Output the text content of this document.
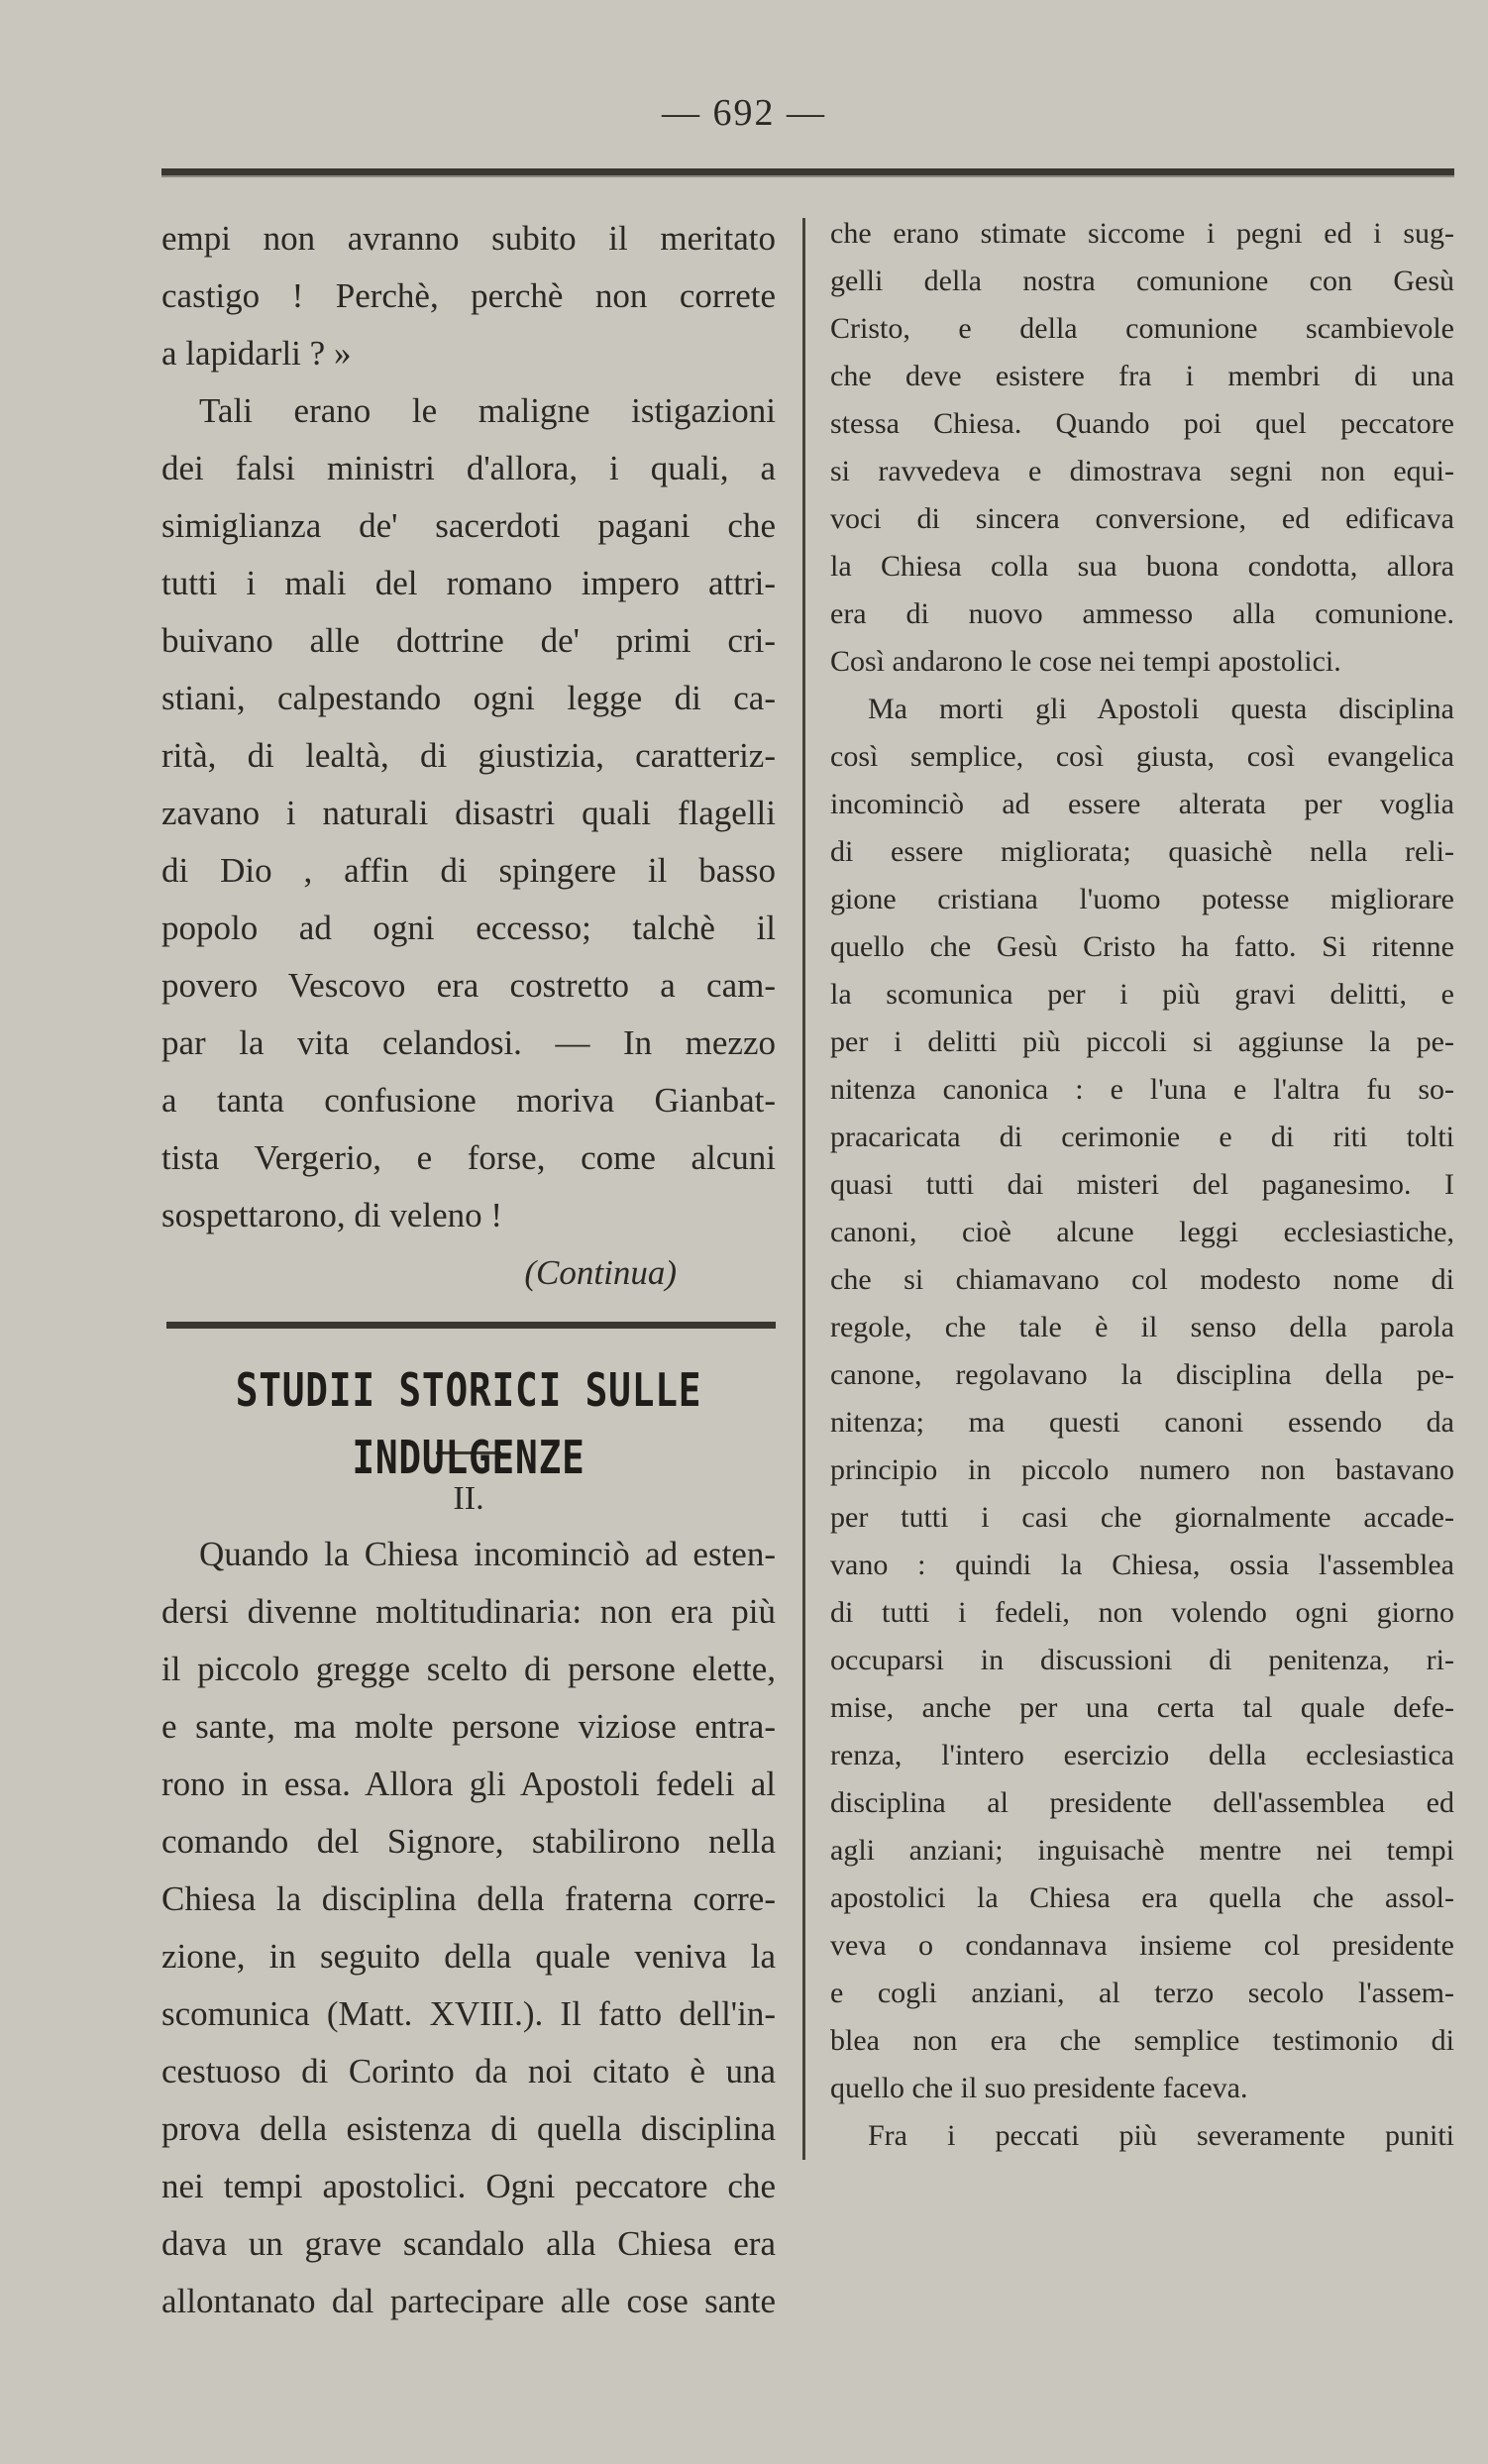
— 692 —
empi non avranno subito il meritato
castigo ! Perchè, perchè non correte
a lapidarli ? »
Tali erano le maligne istigazioni
dei falsi ministri d'allora, i quali, a
simiglianza de' sacerdoti pagani che
tutti i mali del romano impero attri-
buivano alle dottrine de' primi cri-
stiani, calpestando ogni legge di ca-
rità, di lealtà, di giustizia, caratteriz-
zavano i naturali disastri quali flagelli
di Dio , affin di spingere il basso
popolo ad ogni eccesso; talchè il
povero Vescovo era costretto a cam-
par la vita celandosi. — In mezzo
a tanta confusione moriva Gianbat-
tista Vergerio, e forse, come alcuni
sospettarono, di veleno !
(Continua)
STUDII STORICI SULLE INDULGENZE
II.
Quando la Chiesa incominciò ad esten-
dersi divenne moltitudinaria: non era più
il piccolo gregge scelto di persone elette,
e sante, ma molte persone viziose entra-
rono in essa. Allora gli Apostoli fedeli al
comando del Signore, stabilirono nella
Chiesa la disciplina della fraterna corre-
zione, in seguito della quale veniva la
scomunica (Matt. XVIII.). Il fatto dell'in-
cestuoso di Corinto da noi citato è una
prova della esistenza di quella disciplina
nei tempi apostolici. Ogni peccatore che
dava un grave scandalo alla Chiesa era
allontanato dal partecipare alle cose sante
che erano stimate siccome i pegni ed i sug-
gelli della nostra comunione con Gesù
Cristo, e della comunione scambievole
che deve esistere fra i membri di una
stessa Chiesa. Quando poi quel peccatore
si ravvedeva e dimostrava segni non equi-
voci di sincera conversione, ed edificava
la Chiesa colla sua buona condotta, allora
era di nuovo ammesso alla comunione.
Così andarono le cose nei tempi apostolici.
Ma morti gli Apostoli questa disciplina
così semplice, così giusta, così evangelica
incominciò ad essere alterata per voglia
di essere migliorata; quasichè nella reli-
gione cristiana l'uomo potesse migliorare
quello che Gesù Cristo ha fatto. Si ritenne
la scomunica per i più gravi delitti, e
per i delitti più piccoli si aggiunse la pe-
nitenza canonica : e l'una e l'altra fu so-
pracaricata di cerimonie e di riti tolti
quasi tutti dai misteri del paganesimo. I
canoni, cioè alcune leggi ecclesiastiche,
che si chiamavano col modesto nome di
regole, che tale è il senso della parola
canone, regolavano la disciplina della pe-
nitenza; ma questi canoni essendo da
principio in piccolo numero non bastavano
per tutti i casi che giornalmente accade-
vano : quindi la Chiesa, ossia l'assemblea
di tutti i fedeli, non volendo ogni giorno
occuparsi in discussioni di penitenza, ri-
mise, anche per una certa tal quale defe-
renza, l'intero esercizio della ecclesiastica
disciplina al presidente dell'assemblea ed
agli anziani; inguisachè mentre nei tempi
apostolici la Chiesa era quella che assol-
veva o condannava insieme col presidente
e cogli anziani, al terzo secolo l'assem-
blea non era che semplice testimonio di
quello che il suo presidente faceva.
Fra i peccati più severamente puniti
